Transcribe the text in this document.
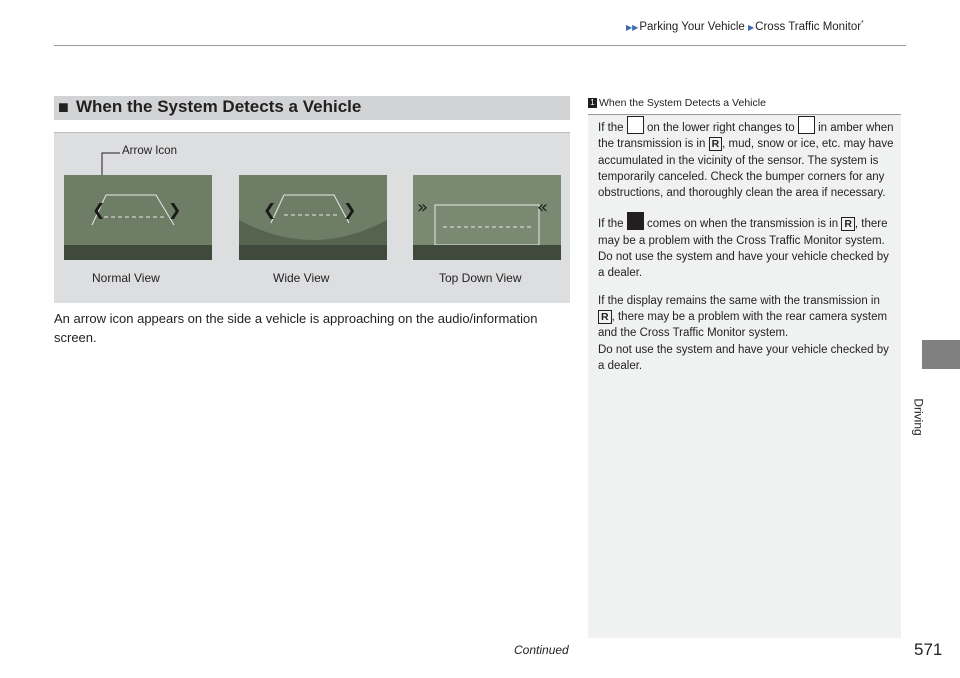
▶▶Parking Your Vehicle ▶Cross Traffic Monitor*
■ When the System Detects a Vehicle
Arrow Icon
❮	❯	❮	❯	»	«
Normal View	Wide View	Top Down View
An arrow icon appears on the side a vehicle is approaching on the audio/information screen.
1 When the System Detects a Vehicle

If the on the lower right changes to in amber when the transmission is in R , mud, snow or ice, etc. may have accumulated in the vicinity of the sensor. The system is temporarily canceled. Check the bumper corners for any obstructions, and thoroughly clean the area if necessary.

If the comes on when the transmission is in R , there may be a problem with the Cross Traffic Monitor system. Do not use the system and have your vehicle checked by a dealer.

If the display remains the same with the transmission in R , there may be a problem with the rear camera system and the Cross Traffic Monitor system.
Do not use the system and have your vehicle checked by a dealer.

Driving
Continued	571
